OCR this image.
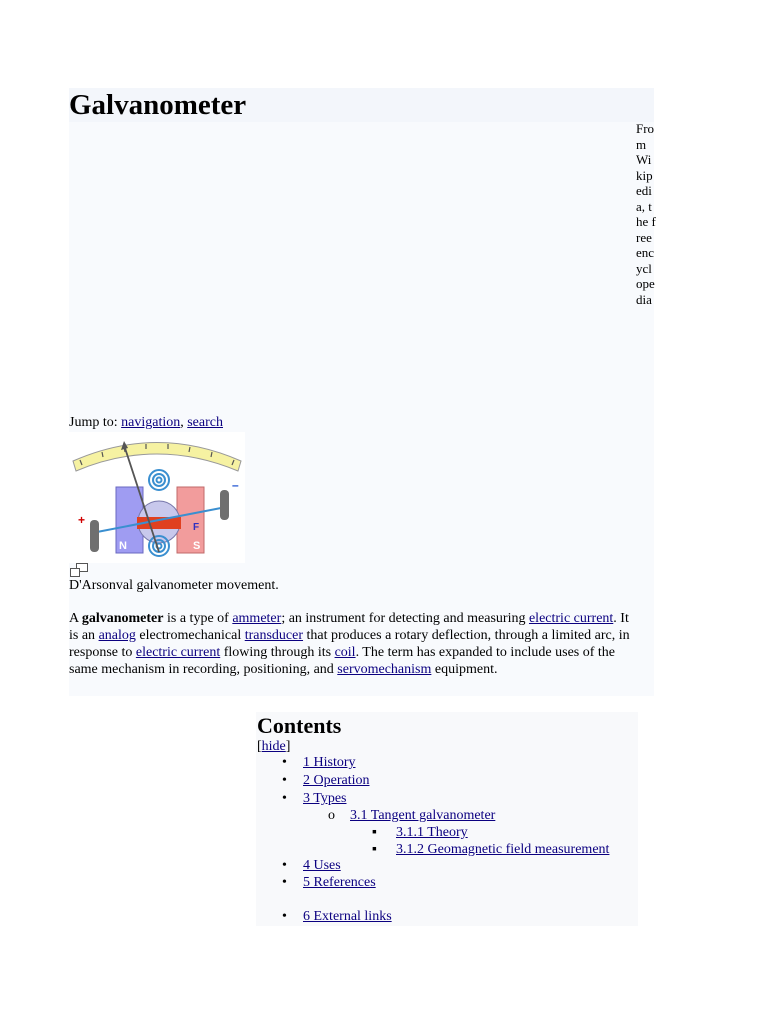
Galvanometer
From Wikipedia, the free encyclopedia
Jump to: navigation, search
N	S
+
–
F
D'Arsonval galvanometer movement.

A galvanometer is a type of ammeter; an instrument for detecting and measuring electric current. It is an analog electromechanical transducer that produces a rotary deflection, through a limited arc, in response to electric current flowing through its coil. The term has expanded to include uses of the same mechanism in recording, positioning, and servomechanism equipment.

Contents
[hide]
• 1 History
• 2 Operation
• 3 Types
o 3.1 Tangent galvanometer
▪ 3.1.1 Theory
▪ 3.1.2 Geomagnetic field measurement
• 4 Uses
• 5 References
• 6 External links
